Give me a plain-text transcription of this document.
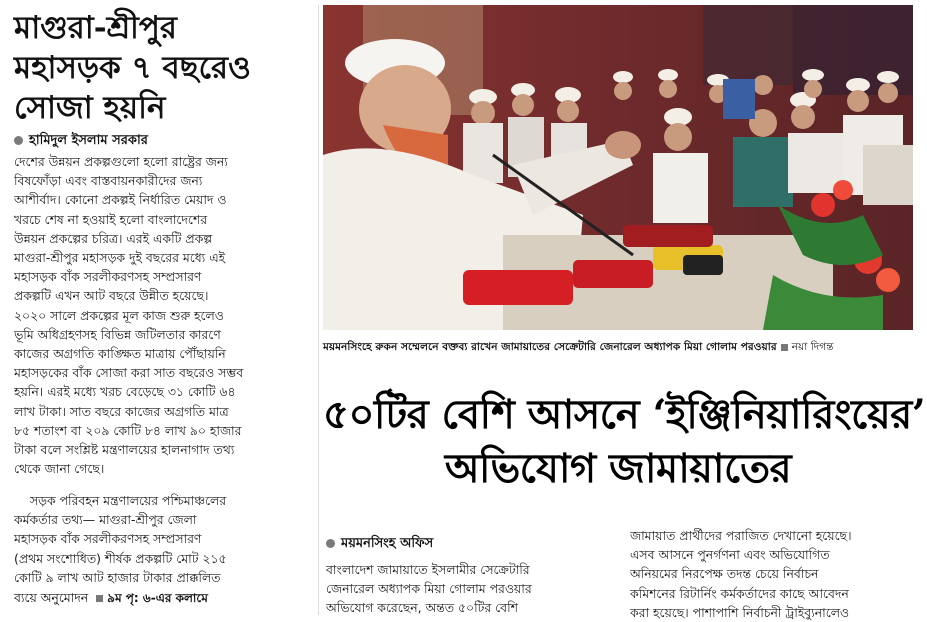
মাগুরা-শ্রীপুর
মহাসড়ক ৭ বছরেও
সোজা হয়নি
হামিদুল ইসলাম সরকার
দেশের উন্নয়ন প্রকল্পগুলো হলো রাষ্ট্রের জন্য
বিষফোঁড়া এবং বাস্তবায়নকারীদের জন্য
আশীর্বাদ। কোনো প্রকল্পই নির্ধারিত মেয়াদ ও
খরচে শেষ না হওয়াই হলো বাংলাদেশের
উন্নয়ন প্রকল্পের চরিত্র। এরই একটি প্রকল্প
মাগুরা-শ্রীপুর মহাসড়ক দুই বছরের মধ্যে এই
মহাসড়ক বাঁক সরলীকরণসহ সম্প্রসারণ
প্রকল্পটি এখন আট বছরে উন্নীত হয়েছে।
২০২০ সালে প্রকল্পের মূল কাজ শুরু হলেও
ভূমি অধিগ্রহণসহ বিভিন্ন জটিলতার কারণে
কাজের অগ্রগতি কাঙ্ক্ষিত মাত্রায় পৌঁছায়নি
মহাসড়কের বাঁক সোজা করা সাত বছরেও সম্ভব
হয়নি। এরই মধ্যে খরচ বেড়েছে ৩১ কোটি ৬৪
লাখ টাকা। সাত বছরে কাজের অগ্রগতি মাত্র
৮৫ শতাংশ বা ২০৯ কোটি ৮৪ লাখ ৯০ হাজার
টাকা বলে সংশ্লিষ্ট মন্ত্রণালয়ের হালনাগাদ তথ্য
থেকে জানা গেছে।
সড়ক পরিবহন মন্ত্রণালয়ের পশ্চিমাঞ্চলের
কর্মকর্তার তথ্য— মাগুরা-শ্রীপুর জেলা
মহাসড়ক বাঁক সরলীকরণসহ সম্প্রসারণ
(প্রথম সংশোধিত) শীর্ষক প্রকল্পটি মোট ২১৫
কোটি ৯ লাখ আট হাজার টাকার প্রাক্কলিত
ব্যয়ে অনুমোদন ৯ম পৃ: ৬-এর কলামে
ময়মনসিংহে রুকন সম্মেলনে বক্তব্য রাখেন জামায়াতের সেক্রেটারি জেনারেল অধ্যাপক মিয়া গোলাম পরওয়ার নয়া দিগন্ত
৫০টির বেশি আসনে ‘ইঞ্জিনিয়ারিংয়ের’
অভিযোগ জামায়াতের
ময়মনসিংহ অফিস
বাংলাদেশ জামায়াতে ইসলামীর সেক্রেটারি
জেনারেল অধ্যাপক মিয়া গোলাম পরওয়ার
অভিযোগ করেছেন, অন্তত ৫০টির বেশি
জামায়াত প্রার্থীদের পরাজিত দেখানো হয়েছে।
এসব আসনে পুনর্গণনা এবং অভিযোগিত
অনিয়মের নিরপেক্ষ তদন্ত চেয়ে নির্বাচন
কমিশনের রিটার্নিং কর্মকর্তাদের কাছে আবেদন
করা হয়েছে। পাশাপাশি নির্বাচনী ট্রাইব্যুনালেও
